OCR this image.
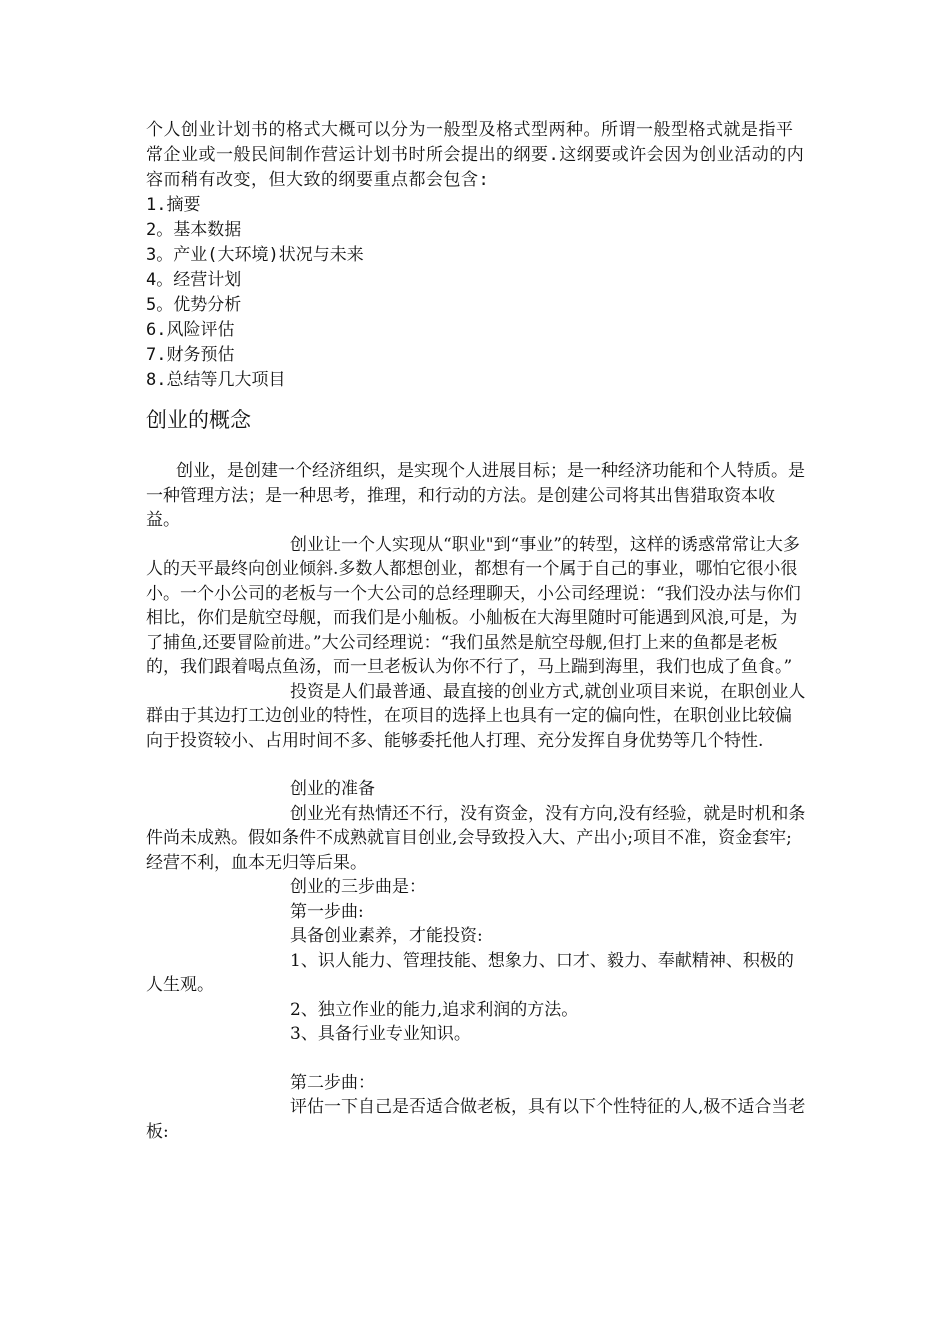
个人创业计划书的格式大概可以分为一般型及格式型两种。所谓一般型格式就是指平常企业或一般民间制作营运计划书时所会提出的纲要.这纲要或许会因为创业活动的内容而稍有改变，但大致的纲要重点都会包含:

1.摘要
2。基本数据
3。产业(大环境)状况与未来
4。经营计划
5。优势分析
6.风险评估
7.财务预估
8.总结等几大项目
创业的概念

创业，是创建一个经济组织，是实现个人进展目标；是一种经济功能和个人特质。是一种管理方法；是一种思考，推理，和行动的方法。是创建公司将其出售猎取资本收益。

创业让一个人实现从“职业"到“事业”的转型，这样的诱惑常常让大多人的天平最终向创业倾斜.多数人都想创业，都想有一个属于自己的事业，哪怕它很小很小。一个小公司的老板与一个大公司的总经理聊天，小公司经理说：“我们没办法与你们相比，你们是航空母舰，而我们是小舢板。小舢板在大海里随时可能遇到风浪,可是，为了捕鱼,还要冒险前进。”大公司经理说：“我们虽然是航空母舰,但打上来的鱼都是老板的，我们跟着喝点鱼汤，而一旦老板认为你不行了，马上踹到海里，我们也成了鱼食。”

投资是人们最普通、最直接的创业方式,就创业项目来说，在职创业人群由于其边打工边创业的特性，在项目的选择上也具有一定的偏向性，在职创业比较偏向于投资较小、占用时间不多、能够委托他人打理、充分发挥自身优势等几个特性.

创业的准备

创业光有热情还不行，没有资金，没有方向,没有经验，就是时机和条件尚未成熟。假如条件不成熟就盲目创业,会导致投入大、产出小;项目不准，资金套牢;经营不利，血本无归等后果。

创业的三步曲是：

第一步曲:

具备创业素养，才能投资:

1、识人能力、管理技能、想象力、口才、毅力、奉献精神、积极的人生观。

2、独立作业的能力,追求利润的方法。

3、具备行业专业知识。

第二步曲：

评估一下自己是否适合做老板，具有以下个性特征的人,极不适合当老板:
